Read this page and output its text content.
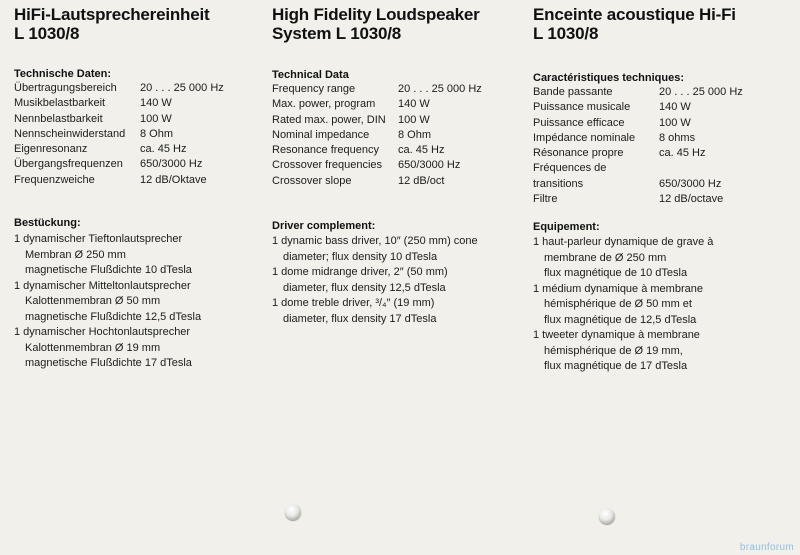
HiFi-Lautsprechereinheit
L 1030/8
Technische Daten:
Übertragungsbereich 20 . . . 25 000 Hz
Musikbelastbarkeit	140 W
Nennbelastbarkeit	100 W
Nennscheinwiderstand 8 Ohm
Eigenresonanz	ca. 45 Hz
Übergangsfrequenzen 650/3000 Hz
Frequenzweiche	12 dB/Oktave
Bestückung:
1 dynamischer Tieftonlautsprecher
Membran Ø 250 mm
magnetische Flußdichte 10 dTesla
1 dynamischer Mitteltonlautsprecher
Kalottenmembran Ø 50 mm
magnetische Flußdichte 12,5 dTesla
1 dynamischer Hochtonlautsprecher
Kalottenmembran Ø 19 mm
magnetische Flußdichte 17 dTesla
High Fidelity Loudspeaker
System L 1030/8
Technical Data
Frequency range	20 . . . 25 000 Hz
Max. power, program 140 W
Rated max. power, DIN 100 W
Nominal impedance	8 Ohm
Resonance frequency ca. 45 Hz
Crossover frequencies 650/3000 Hz
Crossover slope	12 dB/oct
Driver complement:
1 dynamic bass driver, 10″ (250 mm) cone
diameter; flux density 10 dTesla
1 dome midrange driver, 2″ (50 mm)
diameter, flux density 12,5 dTesla
1 dome treble driver, ³/₄″ (19 mm)
diameter, flux density 17 dTesla
Enceinte acoustique Hi-Fi
L 1030/8
Caractéristiques techniques:
Bande passante	20 . . . 25 000 Hz
Puissance musicale	140 W
Puissance efficace	100 W
Impédance nominale 8 ohms
Résonance propre	ca. 45 Hz
Fréquences de
transitions	650/3000 Hz
Filtre	12 dB/octave
Equipement:
1 haut-parleur dynamique de grave à
membrane de Ø 250 mm
flux magnétique de 10 dTesla
1 médium dynamique à membrane
hémisphérique de Ø 50 mm et
flux magnétique de 12,5 dTesla
1 tweeter dynamique à membrane
hémisphérique de Ø 19 mm,
flux magnétique de 17 dTesla
braunforum
